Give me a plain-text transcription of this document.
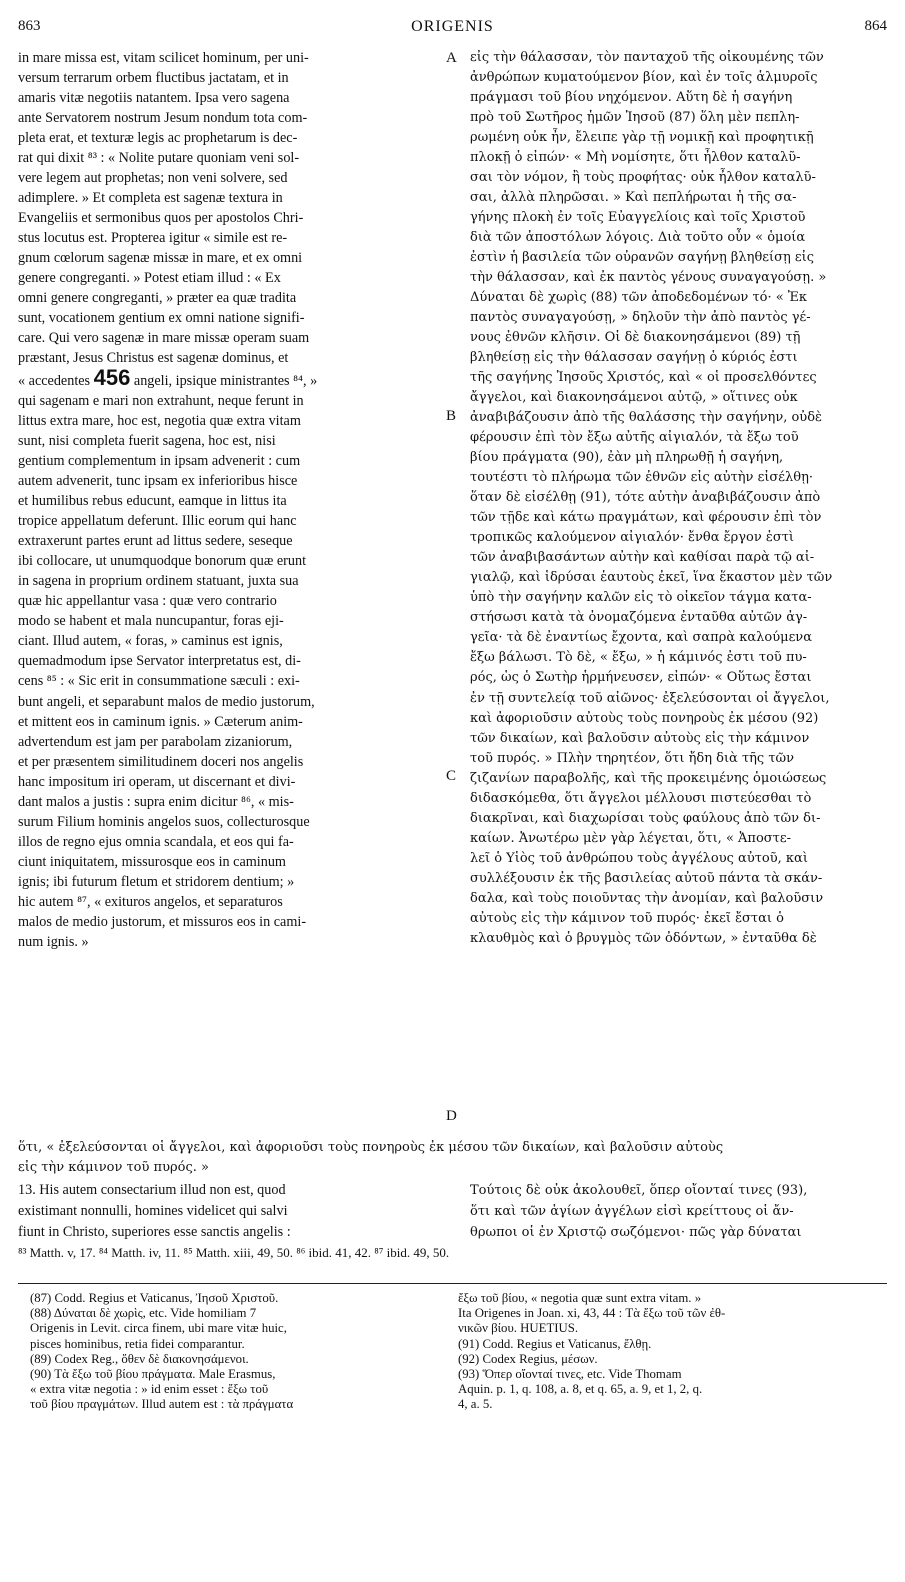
863	ORIGENIS	864
in mare missa est, vitam scilicet hominum, per uni-
versum terrarum orbem fluctibus jactatam, et in
amaris vitæ negotiis natantem. Ipsa vero sagena
ante Servatorem nostrum Jesum nondum tota com-
pleta erat, et texturæ legis ac prophetarum is dec-
rat qui dixit ⁸³ : « Nolite putare quoniam veni sol-
vere legem aut prophetas; non veni solvere, sed
adimplere. » Et completa est sagenæ textura in
Evangeliis et sermonibus quos per apostolos Chri-
stus locutus est. Propterea igitur « simile est re-
gnum cœlorum sagenæ missæ in mare, et ex omni
genere congreganti. » Potest etiam illud : « Ex
omni genere congreganti, » præter ea quæ tradita
sunt, vocationem gentium ex omni natione signifi-
care. Qui vero sagenæ in mare missæ operam suam
præstant, Jesus Christus est sagenæ dominus, et
« accedentes 456 angeli, ipsique ministrantes ⁸⁴, »
qui sagenam e mari non extrahunt, neque ferunt in
littus extra mare, hoc est, negotia quæ extra vitam
sunt, nisi completa fuerit sagena, hoc est, nisi
gentium complementum in ipsam advenerit : cum
autem advenerit, tunc ipsam ex inferioribus hisce
et humilibus rebus educunt, eamque in littus ita
tropice appellatum deferunt. Illic eorum qui hanc
extraxerunt partes erunt ad littus sedere, seseque
ibi collocare, ut unumquodque bonorum quæ erunt
in sagena in proprium ordinem statuant, juxta sua
quæ hic appellantur vasa : quæ vero contrario
modo se habent et mala nuncupantur, foras eji-
ciant. Illud autem, « foras, » caminus est ignis,
quemadmodum ipse Servator interpretatus est, di-
cens ⁸⁵ : « Sic erit in consummatione sæculi : exi-
bunt angeli, et separabunt malos de medio justorum,
et mittent eos in caminum ignis. » Cæterum anim-
advertendum est jam per parabolam zizaniorum,
et per præsentem similitudinem doceri nos angelis
hanc impositum iri operam, ut discernant et divi-
dant malos a justis : supra enim dicitur ⁸⁶, « mis-
surum Filium hominis angelos suos, collecturosque
illos de regno ejus omnia scandala, et eos qui fa-
ciunt iniquitatem, missurosque eos in caminum
ignis; ibi futurum fletum et stridorem dentium; »
hic autem ⁸⁷, « exituros angelos, et separaturos
malos de medio justorum, et missuros eos in cami-
num ignis. »
εἰς τὴν θάλασσαν, τὸν πανταχοῦ τῆς οἰκουμένης τῶν
ἀνθρώπων κυματούμενον βίον, καὶ ἐν τοῖς ἁλμυροῖς
πράγμασι τοῦ βίου νηχόμενον. Αὕτη δὲ ἡ σαγήνη
πρὸ τοῦ Σωτῆρος ἡμῶν Ἰησοῦ (87) ὅλη μὲν πεπλη-
ρωμένη οὐκ ἦν, ἔλειπε γὰρ τῇ νομικῇ καὶ προφητικῇ
πλοκῇ ὁ εἰπών· « Μὴ νομίσητε, ὅτι ἦλθον καταλῦ-
σαι τὸν νόμον, ἢ τοὺς προφήτας· οὐκ ἦλθον καταλῦ-
σαι, ἀλλὰ πληρῶσαι. » Καὶ πεπλήρωται ἡ τῆς σα-
γήνης πλοκὴ ἐν τοῖς Εὐαγγελίοις καὶ τοῖς Χριστοῦ
διὰ τῶν ἀποστόλων λόγοις. Διὰ τοῦτο οὖν « ὁμοία
ἐστὶν ἡ βασιλεία τῶν οὐρανῶν σαγήνῃ βληθείσῃ εἰς
τὴν θάλασσαν, καὶ ἐκ παντὸς γένους συναγαγούσῃ. »
Δύναται δὲ χωρὶς (88) τῶν ἀποδεδομένων τό· « Ἐκ
παντὸς συναγαγούσῃ, » δηλοῦν τὴν ἀπὸ παντὸς γέ-
νους ἐθνῶν κλῆσιν. Οἱ δὲ διακονησάμενοι (89) τῇ
βληθείσῃ εἰς τὴν θάλασσαν σαγήνῃ ὁ κύριός ἐστι
τῆς σαγήνης Ἰησοῦς Χριστός, καὶ « οἱ προσελθόντες
ἄγγελοι, καὶ διακονησάμενοι αὐτῷ, » οἵτινες οὐκ
ἀναβιβάζουσιν ἀπὸ τῆς θαλάσσης τὴν σαγήνην, οὐδὲ
φέρουσιν ἐπὶ τὸν ἔξω αὐτῆς αἰγιαλόν, τὰ ἔξω τοῦ
βίου πράγματα (90), ἐὰν μὴ πληρωθῇ ἡ σαγήνη,
τουτέστι τὸ πλήρωμα τῶν ἐθνῶν εἰς αὐτὴν εἰσέλθῃ·
ὅταν δὲ εἰσέλθῃ (91), τότε αὐτὴν ἀναβιβάζουσιν ἀπὸ
τῶν τῇδε καὶ κάτω πραγμάτων, καὶ φέρουσιν ἐπὶ τὸν
τροπικῶς καλούμενον αἰγιαλόν· ἔνθα ἔργον ἐστὶ
τῶν ἀναβιβασάντων αὐτὴν καὶ καθίσαι παρὰ τῷ αἰ-
γιαλῷ, καὶ ἱδρύσαι ἑαυτοὺς ἐκεῖ, ἵνα ἕκαστον μὲν τῶν
ὑπὸ τὴν σαγήνην καλῶν εἰς τὸ οἰκεῖον τάγμα κατα-
στήσωσι κατὰ τὰ ὀνομαζόμενα ἐνταῦθα αὐτῶν ἀγ-
γεῖα· τὰ δὲ ἐναντίως ἔχοντα, καὶ σαπρὰ καλούμενα
ἔξω βάλωσι. Τὸ δὲ, « ἔξω, » ἡ κάμινός ἐστι τοῦ πυ-
ρός, ὡς ὁ Σωτὴρ ἡρμήνευσεν, εἰπών· « Οὕτως ἔσται
ἐν τῇ συντελείᾳ τοῦ αἰῶνος· ἐξελεύσονται οἱ ἄγγελοι,
καὶ ἀφοριοῦσιν αὐτοὺς τοὺς πονηροὺς ἐκ μέσου (92)
τῶν δικαίων, καὶ βαλοῦσιν αὐτοὺς εἰς τὴν κάμινον
τοῦ πυρός. » Πλὴν τηρητέον, ὅτι ἤδη διὰ τῆς τῶν
ζιζανίων παραβολῆς, καὶ τῆς προκειμένης ὁμοιώσεως
διδασκόμεθα, ὅτι ἄγγελοι μέλλουσι πιστεύεσθαι τὸ
διακρῖναι, καὶ διαχωρίσαι τοὺς φαύλους ἀπὸ τῶν δι-
καίων. Ἀνωτέρω μὲν γὰρ λέγεται, ὅτι, « Ἀποστε-
λεῖ ὁ Υἱὸς τοῦ ἀνθρώπου τοὺς ἀγγέλους αὐτοῦ, καὶ
συλλέξουσιν ἐκ τῆς βασιλείας αὐτοῦ πάντα τὰ σκάν-
δαλα, καὶ τοὺς ποιοῦντας τὴν ἀνομίαν, καὶ βαλοῦσιν
αὐτοὺς εἰς τὴν κάμινον τοῦ πυρός· ἐκεῖ ἔσται ὁ
κλαυθμὸς καὶ ὁ βρυγμὸς τῶν ὀδόντων, » ἐνταῦθα δὲ
A
B
C
D
ὅτι, « ἐξελεύσονται οἱ ἄγγελοι, καὶ ἀφοριοῦσι τοὺς πονηροὺς ἐκ μέσου τῶν δικαίων, καὶ βαλοῦσιν αὐτοὺς
εἰς τὴν κάμινον τοῦ πυρός. »
13. His autem consectarium illud non est, quod
existimant nonnulli, homines videlicet qui salvi
fiunt in Christo, superiores esse sanctis angelis :
Τούτοις δὲ οὐκ ἀκολουθεῖ, ὅπερ οἴονταί τινες (93),
ὅτι καὶ τῶν ἁγίων ἀγγέλων εἰσὶ κρείττους οἱ ἄν-
θρωποι οἱ ἐν Χριστῷ σωζόμενοι· πῶς γὰρ δύναται
⁸³ Matth. v, 17. ⁸⁴ Matth. iv, 11. ⁸⁵ Matth. xiii, 49, 50. ⁸⁶ ibid. 41, 42. ⁸⁷ ibid. 49, 50.
(87) Codd. Regius et Vaticanus, Ἰησοῦ Χριστοῦ.
(88) Δύναται δὲ χωρὶς, etc. Vide homiliam 7
Origenis in Levit. circa finem, ubi mare vitæ huic,
pisces hominibus, retia fidei comparantur.
(89) Codex Reg., ὅθεν δὲ διακονησάμενοι.
(90) Τὰ ἔξω τοῦ βίου πράγματα. Male Erasmus,
« extra vitæ negotia : » id enim esset : ἔξω τοῦ
τοῦ βίου πραγμάτων. Illud autem est : τὰ πράγματα
ἔξω τοῦ βίου, « negotia quæ sunt extra vitam. »
Ita Origenes in Joan. xi, 43, 44 : Τὰ ἔξω τοῦ τῶν ἐθ-
νικῶν βίου. HUETIUS.
(91) Codd. Regius et Vaticanus, ἔλθῃ.
(92) Codex Regius, μέσων.
(93) Ὅπερ οἴονταί τινες, etc. Vide Thomam
Aquin. p. 1, q. 108, a. 8, et q. 65, a. 9, et 1, 2, q.
4, a. 5.
